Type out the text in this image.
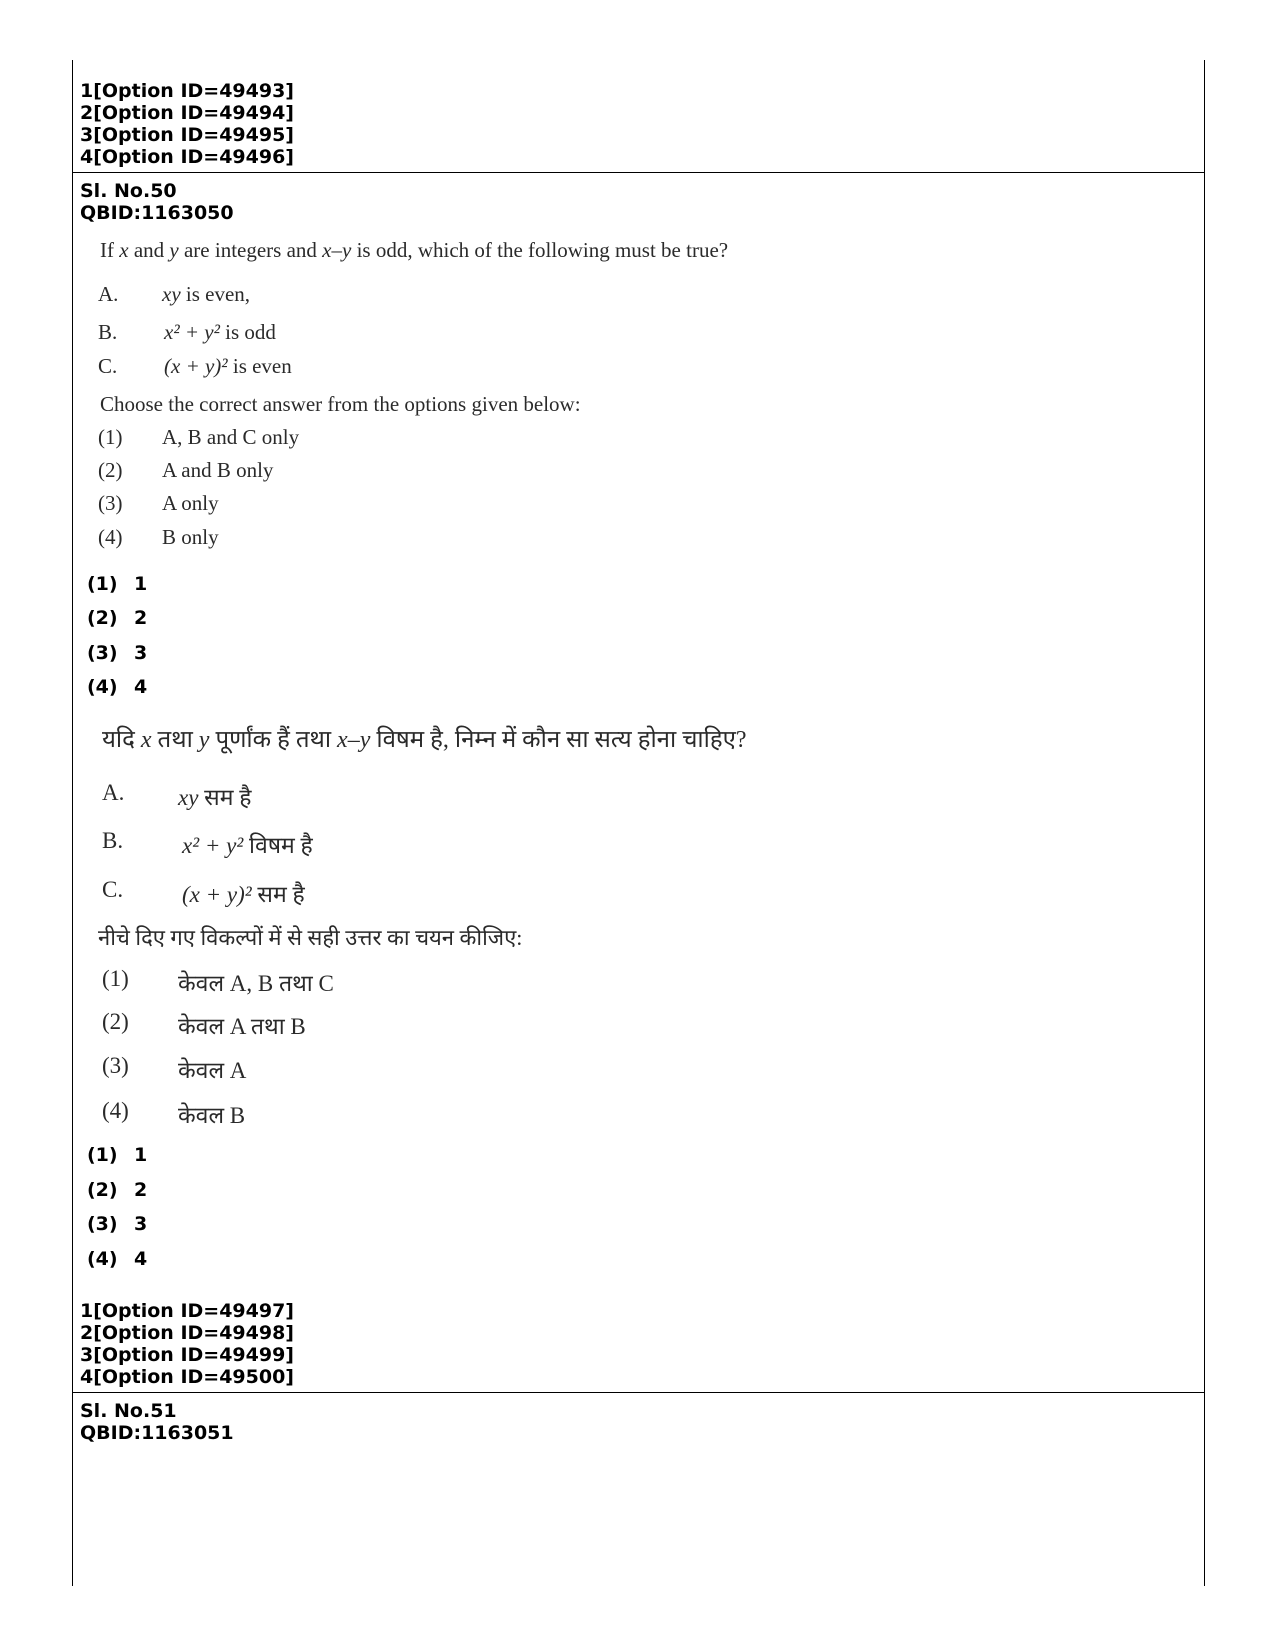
1[Option ID=49493]
2[Option ID=49494]
3[Option ID=49495]
4[Option ID=49496]
Sl. No.50
QBID:1163050
If x and y are integers and x–y is odd, which of the following must be true?
A. xy is even,
B. x² + y² is odd
C. (x + y)² is even
Choose the correct answer from the options given below:
(1) A, B and C only
(2) A and B only
(3) A only
(4) B only
(1) 1
(2) 2
(3) 3
(4) 4
यदि x तथा y पूर्णांक हैं तथा x–y विषम है, निम्न में कौन सा सत्य होना चाहिए?
A. xy सम है
B.	x² + y² विषम है
C.	(x + y)² सम है
नीचे दिए गए विकल्पों में से सही उत्तर का चयन कीजिए:
(1) केवल A, B तथा C
(2) केवल A तथा B
(3) केवल A
(4) केवल B
(1) 1
(2) 2
(3) 3
(4) 4
1[Option ID=49497]
2[Option ID=49498]
3[Option ID=49499]
4[Option ID=49500]
Sl. No.51
QBID:1163051
